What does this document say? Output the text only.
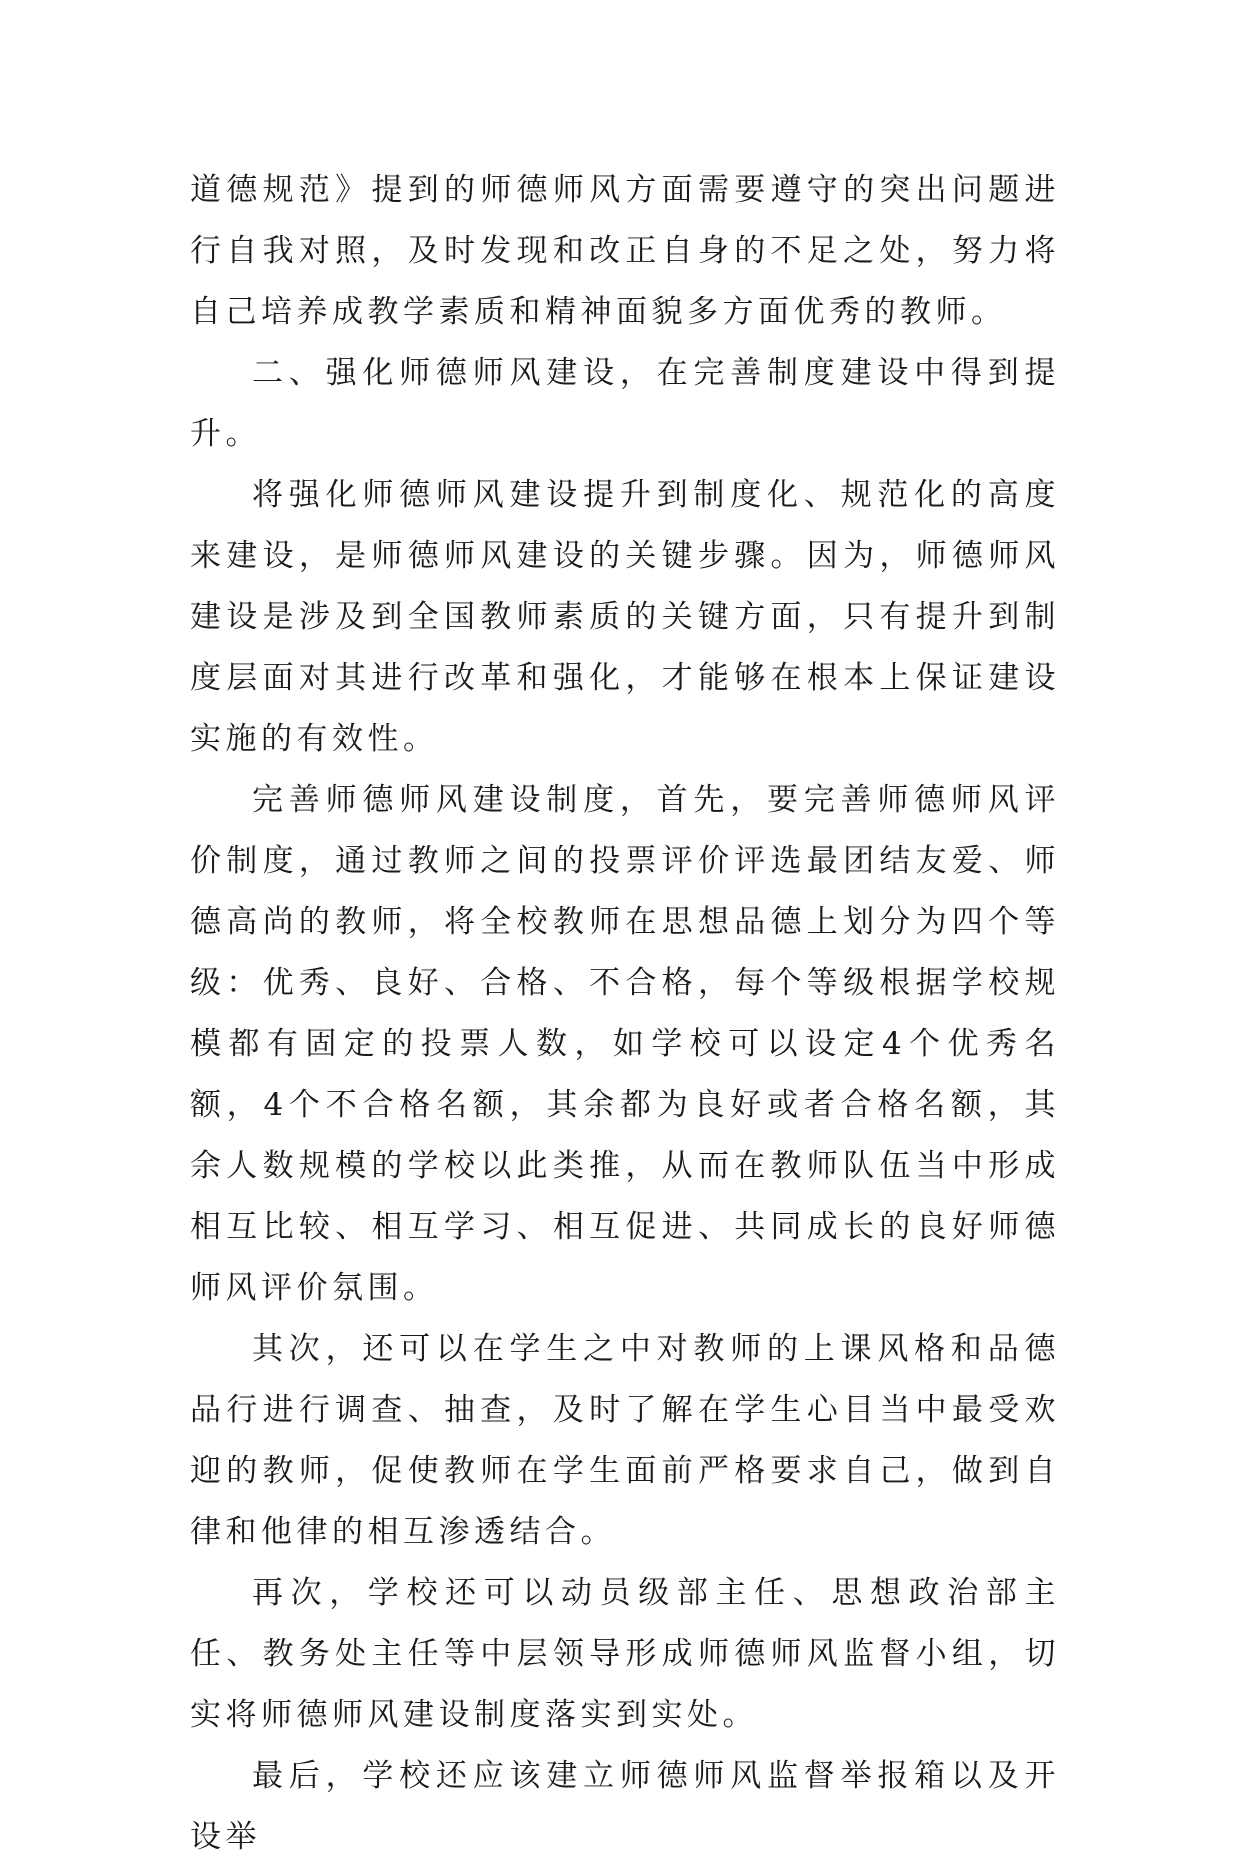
道德规范》提到的师德师风方面需要遵守的突出问题进行自我对照，及时发现和改正自身的不足之处，努力将自己培养成教学素质和精神面貌多方面优秀的教师。

二、强化师德师风建设，在完善制度建设中得到提升。

将强化师德师风建设提升到制度化、规范化的高度来建设，是师德师风建设的关键步骤。因为，师德师风建设是涉及到全国教师素质的关键方面，只有提升到制度层面对其进行改革和强化，才能够在根本上保证建设实施的有效性。

完善师德师风建设制度，首先，要完善师德师风评价制度，通过教师之间的投票评价评选最团结友爱、师德高尚的教师，将全校教师在思想品德上划分为四个等级：优秀、良好、合格、不合格，每个等级根据学校规模都有固定的投票人数，如学校可以设定4个优秀名额，4个不合格名额，其余都为良好或者合格名额，其余人数规模的学校以此类推，从而在教师队伍当中形成相互比较、相互学习、相互促进、共同成长的良好师德师风评价氛围。

其次，还可以在学生之中对教师的上课风格和品德品行进行调查、抽查，及时了解在学生心目当中最受欢迎的教师，促使教师在学生面前严格要求自己，做到自律和他律的相互渗透结合。

再次，学校还可以动员级部主任、思想政治部主任、教务处主任等中层领导形成师德师风监督小组，切实将师德师风建设制度落实到实处。

最后，学校还应该建立师德师风监督举报箱以及开设举
